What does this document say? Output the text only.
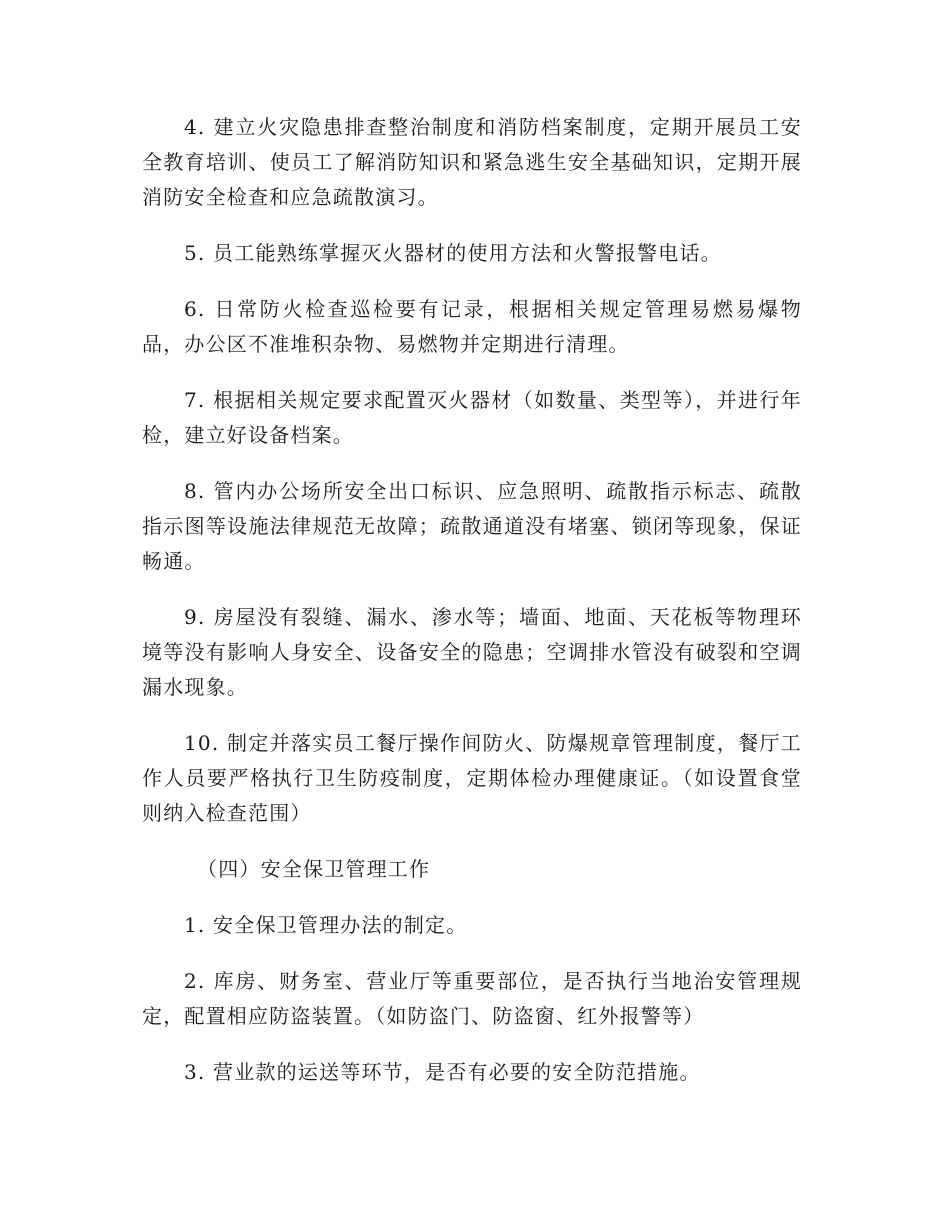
4. 建立火灾隐患排查整治制度和消防档案制度，定期开展员工安全教育培训、使员工了解消防知识和紧急逃生安全基础知识，定期开展消防安全检查和应急疏散演习。

5. 员工能熟练掌握灭火器材的使用方法和火警报警电话。

6. 日常防火检查巡检要有记录，根据相关规定管理易燃易爆物品，办公区不准堆积杂物、易燃物并定期进行清理。

7. 根据相关规定要求配置灭火器材（如数量、类型等），并进行年检，建立好设备档案。

8. 管内办公场所安全出口标识、应急照明、疏散指示标志、疏散指示图等设施法律规范无故障；疏散通道没有堵塞、锁闭等现象，保证畅通。

9. 房屋没有裂缝、漏水、渗水等；墙面、地面、天花板等物理环境等没有影响人身安全、设备安全的隐患；空调排水管没有破裂和空调漏水现象。

10. 制定并落实员工餐厅操作间防火、防爆规章管理制度，餐厅工作人员要严格执行卫生防疫制度，定期体检办理健康证。（如设置食堂则纳入检查范围）

（四）安全保卫管理工作

1. 安全保卫管理办法的制定。

2. 库房、财务室、营业厅等重要部位，是否执行当地治安管理规定，配置相应防盗装置。（如防盗门、防盗窗、红外报警等）

3. 营业款的运送等环节，是否有必要的安全防范措施。
